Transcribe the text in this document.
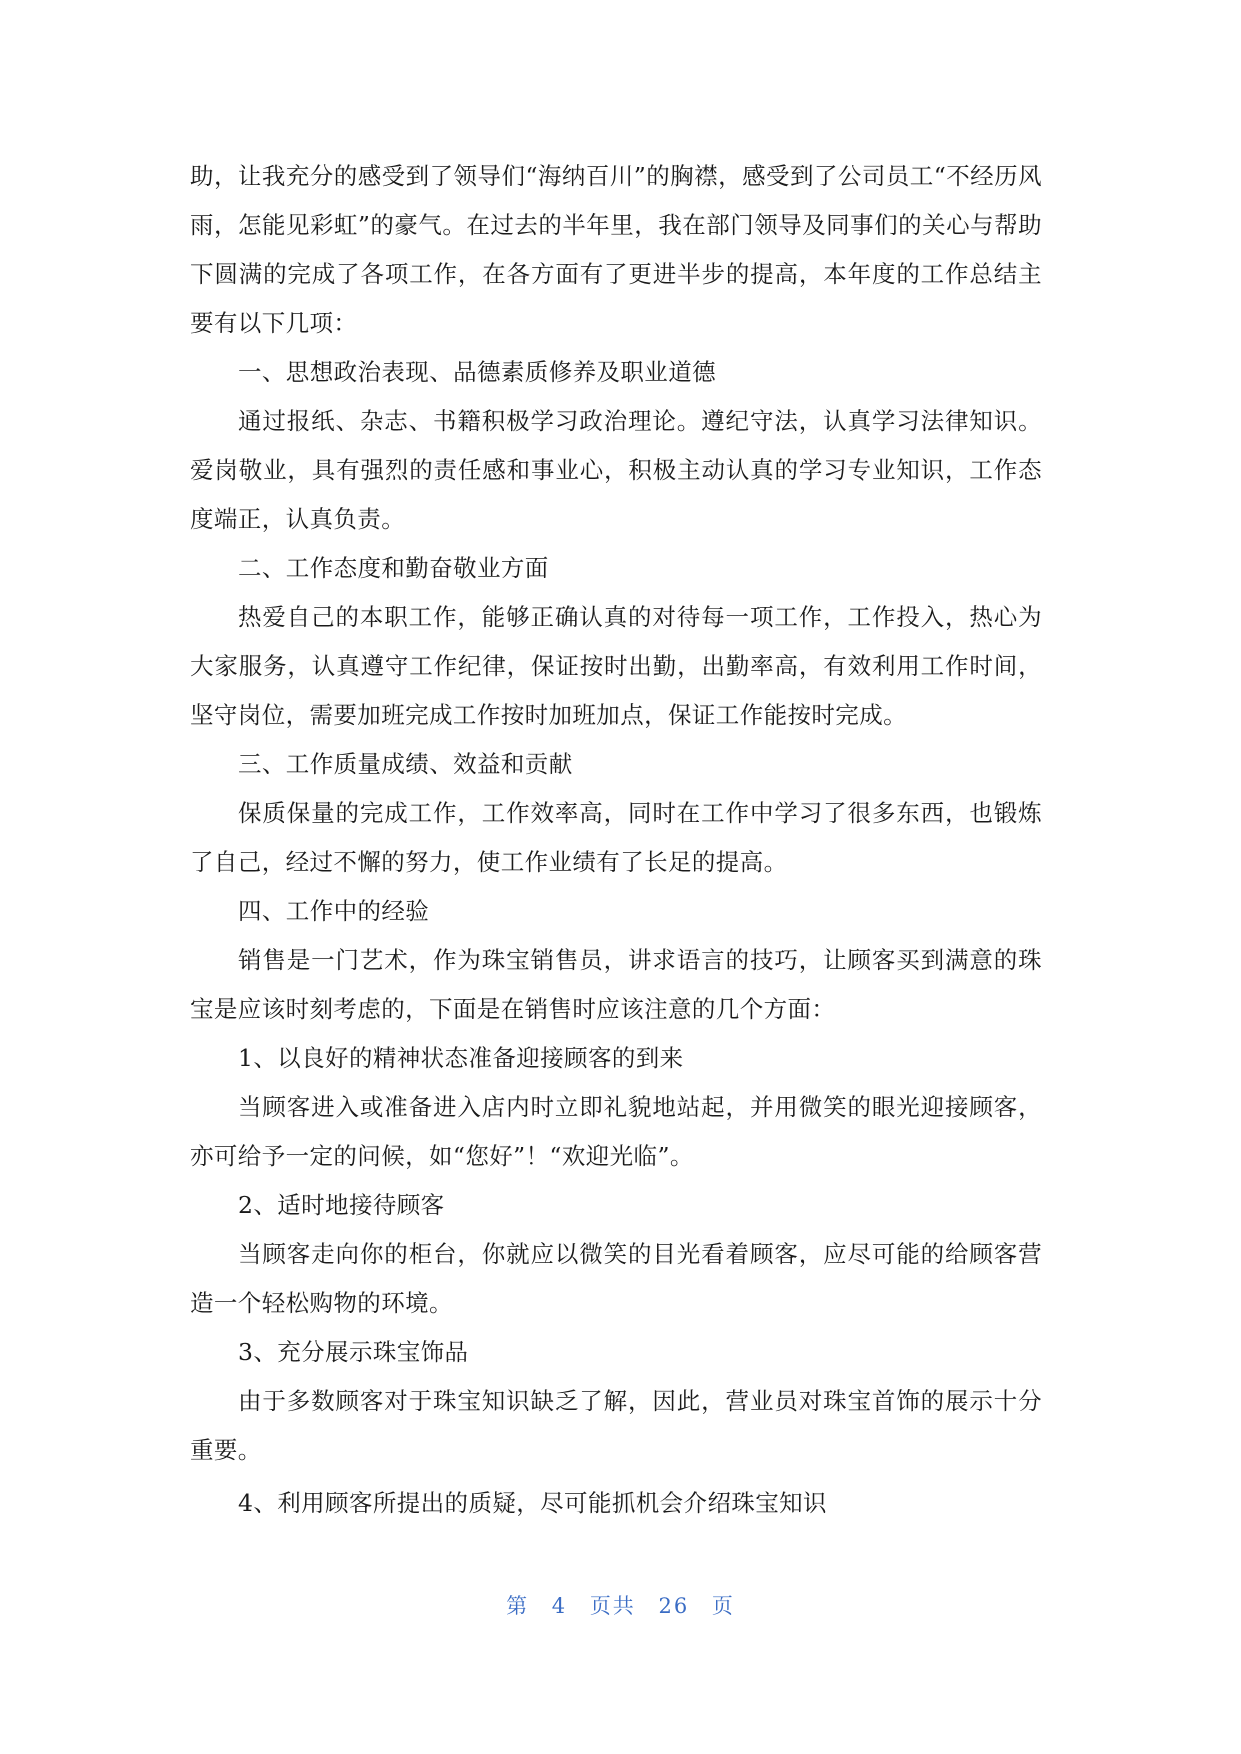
助，让我充分的感受到了领导们“海纳百川”的胸襟，感受到了公司员工“不经历风雨，怎能见彩虹”的豪气。在过去的半年里，我在部门领导及同事们的关心与帮助下圆满的完成了各项工作，在各方面有了更进半步的提高，本年度的工作总结主要有以下几项：

一、思想政治表现、品德素质修养及职业道德

通过报纸、杂志、书籍积极学习政治理论。遵纪守法，认真学习法律知识。爱岗敬业，具有强烈的责任感和事业心，积极主动认真的学习专业知识，工作态度端正，认真负责。

二、工作态度和勤奋敬业方面

热爱自己的本职工作，能够正确认真的对待每一项工作，工作投入，热心为大家服务，认真遵守工作纪律，保证按时出勤，出勤率高，有效利用工作时间，坚守岗位，需要加班完成工作按时加班加点，保证工作能按时完成。

三、工作质量成绩、效益和贡献

保质保量的完成工作，工作效率高，同时在工作中学习了很多东西，也锻炼了自己，经过不懈的努力，使工作业绩有了长足的提高。

四、工作中的经验

销售是一门艺术，作为珠宝销售员，讲求语言的技巧，让顾客买到满意的珠宝是应该时刻考虑的，下面是在销售时应该注意的几个方面：

1、以良好的精神状态准备迎接顾客的到来

当顾客进入或准备进入店内时立即礼貌地站起，并用微笑的眼光迎接顾客，亦可给予一定的问候，如“您好”！“欢迎光临”。

2、适时地接待顾客

当顾客走向你的柜台，你就应以微笑的目光看着顾客，应尽可能的给顾客营造一个轻松购物的环境。

3、充分展示珠宝饰品

由于多数顾客对于珠宝知识缺乏了解，因此，营业员对珠宝首饰的展示十分重要。

4、利用顾客所提出的质疑，尽可能抓机会介绍珠宝知识

第 4 页共 26 页
